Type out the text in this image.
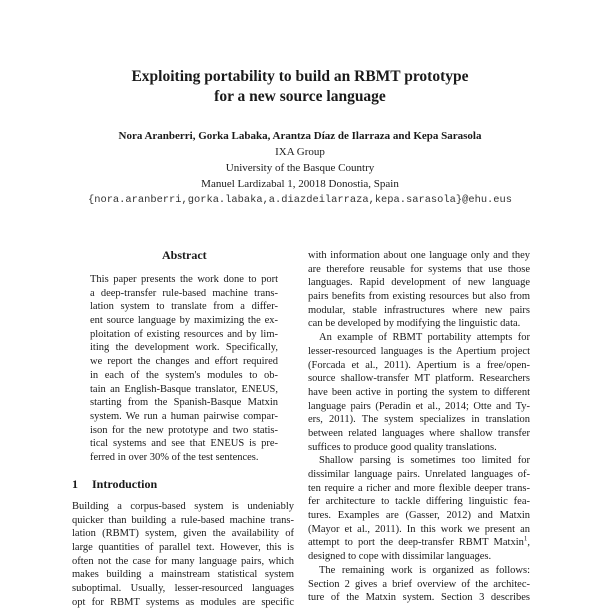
Exploiting portability to build an RBMT prototype
for a new source language
Nora Aranberri, Gorka Labaka, Arantza Díaz de Ilarraza and Kepa Sarasola
IXA Group
University of the Basque Country
Manuel Lardizabal 1, 20018 Donostia, Spain
{nora.aranberri,gorka.labaka,a.diazdeilarraza,kepa.sarasola}@ehu.eus
Abstract
This paper presents the work done to port
a deep-transfer rule-based machine trans-
lation system to translate from a differ-
ent source language by maximizing the ex-
ploitation of existing resources and by lim-
iting the development work. Specifically,
we report the changes and effort required
in each of the system's modules to ob-
tain an English-Basque translator, ENEUS,
starting from the Spanish-Basque Matxin
system. We run a human pairwise compar-
ison for the new prototype and two statis-
tical systems and see that ENEUS is pre-
ferred in over 30% of the test sentences.
1 Introduction
Building a corpus-based system is undeniably
quicker than building a rule-based machine trans-
lation (RBMT) system, given the availability of
large quantities of parallel text. However, this is
often not the case for many language pairs, which
makes building a mainstream statistical system
suboptimal. Usually, lesser-resourced languages
opt for RBMT systems as modules are specific
with information about one language only and they
are therefore reusable for systems that use those
languages. Rapid development of new language
pairs benefits from existing resources but also from
modular, stable infrastructures where new pairs
can be developed by modifying the linguistic data.
An example of RBMT portability attempts for
lesser-resourced languages is the Apertium project
(Forcada et al., 2011). Apertium is a free/open-
source shallow-transfer MT platform. Researchers
have been active in porting the system to different
language pairs (Peradin et al., 2014; Otte and Ty-
ers, 2011). The system specializes in translation
between related languages where shallow transfer
suffices to produce good quality translations.
Shallow parsing is sometimes too limited for
dissimilar language pairs. Unrelated languages of-
ten require a richer and more flexible deeper trans-
fer architecture to tackle differing linguistic fea-
tures. Examples are (Gasser, 2012) and Matxin
(Mayor et al., 2011). In this work we present an
attempt to port the deep-transfer RBMT Matxin$^1$,
designed to cope with dissimilar languages.
The remaining work is organized as follows:
Section 2 gives a brief overview of the architec-
ture of the Matxin system. Section 3 describes
